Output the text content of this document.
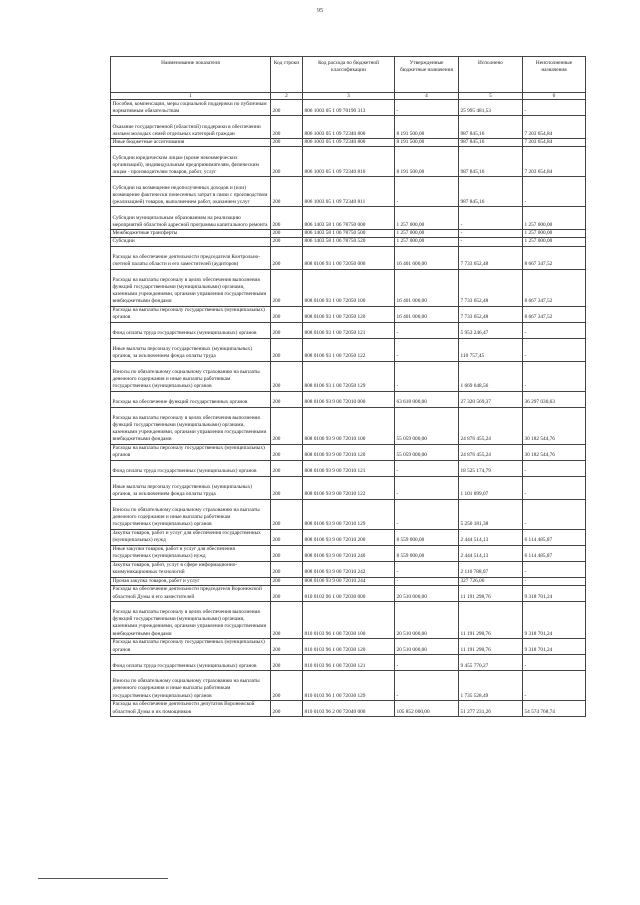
95
Наименование показателя	Код строки	Код расхода по бюджетной классификации	Утвержденные бюджетные назначения	Исполнено	Неисполненные назначения
1	2	3	4	5	6
Пособия, компенсации, меры социальной поддержки по публичным нормативным обязательствам	200	806 1003 05 1 09 70190 313	-	25 995 481,53	-
Оказание государственной (областной) поддержки в обеспечении жильем молодых семей отдельных категорий граждан	200	806 1003 05 1 09 72340 800	8 191 500,00	987 845,16	7 203 654,84
Иные бюджетные ассигнования	200	806 1003 05 1 09 72340 800	8 191 500,00	987 845,16	7 203 654,84
Субсидии юридическим лицам (кроме некоммерческих организаций), индивидуальным предпринимателям, физическим лицам - производителям товаров, работ, услуг	200	806 1003 05 1 09 72340 810	8 191 500,00	987 845,16	7 203 654,84
Субсидии на возмещение недополученных доходов и (или) возмещение фактически понесенных затрат в связи с производством (реализацией) товаров, выполнением работ, оказанием услуг	200	806 1003 05 1 09 72340 811	-	987 845,16	-
Субсидии муниципальным образованиям на реализацию мероприятий областной адресной программы капитального ремонта	200	806 1403 58 1 06 78750 000	1 257 000,00	-	1 257 000,00
Межбюджетные трансферты	200	806 1403 58 1 06 78750 500	1 257 000,00	-	1 257 000,00
Субсидии	200	806 1403 58 1 06 78750 520	1 257 000,00	-	1 257 000,00
Расходы на обеспечение деятельности председателя Контрольно-счетной палаты области и его заместителей (аудиторов)	200	808 0106 93 1 00 72050 000	16 401 000,00	7 733 652,48	8 667 347,52
Расходы на выплаты персоналу в целях обеспечения выполнения функций государственными (муниципальными) органами, казенными учреждениями, органами управления государственными внебюджетными фондами	200	808 0106 93 1 00 72050 100	16 401 000,00	7 733 652,48	8 667 347,52
Расходы на выплаты персоналу государственных (муниципальных) органов	200	808 0106 93 1 00 72050 120	16 401 000,00	7 733 652,48	8 667 347,52
Фонд оплаты труда государственных (муниципальных) органов	200	808 0106 93 1 00 72050 121	-	5 953 246,47	-
Иные выплаты персоналу государственных (муниципальных) органов, за исключением фонда оплаты труда	200	808 0106 93 1 00 72050 122	-	110 757,45	-
Взносы по обязательному социальному страхованию на выплаты денежного содержания и иные выплаты работникам государственных (муниципальных) органов	200	808 0106 93 1 00 72050 129	-	1 669 648,56	-
Расходы на обеспечение функций государственных органов	200	808 0106 93 9 00 72010 000	63 618 000,00	27 320 569,37	36 297 030,63
Расходы на выплаты персоналу в целях обеспечения выполнения функций государственными (муниципальными) органами, казенными учреждениями, органами управления государственными внебюджетными фондами	200	808 0106 93 9 00 72010 100	55 059 000,00	24 876 455,24	30 182 544,76
Расходы на выплаты персоналу государственных (муниципальных) органов	200	808 0106 93 9 00 72010 120	55 059 000,00	24 876 455,24	30 182 544,76
Фонд оплаты труда государственных (муниципальных) органов	200	808 0106 93 9 00 72010 121	-	18 525 174,79	-
Иные выплаты персоналу государственных (муниципальных) органов, за исключением фонда оплаты труда	200	808 0106 93 9 00 72010 122	-	1 101 099,07	-
Взносы по обязательному социальному страхованию на выплаты денежного содержания и иные выплаты работникам государственных (муниципальных) органов	200	808 0106 93 9 00 72010 129	-	5 250 181,38	-
Закупка товаров, работ и услуг для обеспечения государственных (муниципальных) нужд	200	808 0106 93 9 00 72010 200	8 559 000,00	2 444 514,13	6 114 485,87
Иные закупки товаров, работ и услуг для обеспечения государственных (муниципальных) нужд	200	808 0106 93 9 00 72010 240	8 559 000,00	2 444 514,13	6 114 485,87
Закупка товаров, работ, услуг в сфере информационно-коммуникационных технологий	200	808 0106 93 9 00 72010 242	-	2 116 788,07	-
Прочая закупка товаров, работ и услуг	200	808 0106 93 9 00 72010 244	-	327 726,06	-
Расходы на обеспечение деятельности председателя Воронежской областной Думы и его заместителей	200	810 0103 96 1 00 72030 000	20 510 000,00	11 191 298,76	9 318 701,24
Расходы на выплаты персоналу в целях обеспечения выполнения функций государственными (муниципальными) органами, казенными учреждениями, органами управления государственными внебюджетными фондами	200	810 0103 96 1 00 72030 100	20 510 000,00	11 191 298,76	9 318 701,24
Расходы на выплаты персоналу государственных (муниципальных) органов	200	810 0103 96 1 00 72030 120	20 510 000,00	11 191 298,76	9 318 701,24
Фонд оплаты труда государственных (муниципальных) органов	200	810 0103 96 1 00 72030 121	-	9 455 770,27	-
Взносы по обязательному социальному страхованию на выплаты денежного содержания и иные выплаты работникам государственных (муниципальных) органов	200	810 0103 96 1 00 72030 129	-	1 735 528,49	-
Расходы на обеспечение деятельности депутатов Воронежской областной Думы и их помощников	200	810 0103 96 2 00 72040 000	105 852 000,00	51 277 231,26	54 574 768,74
